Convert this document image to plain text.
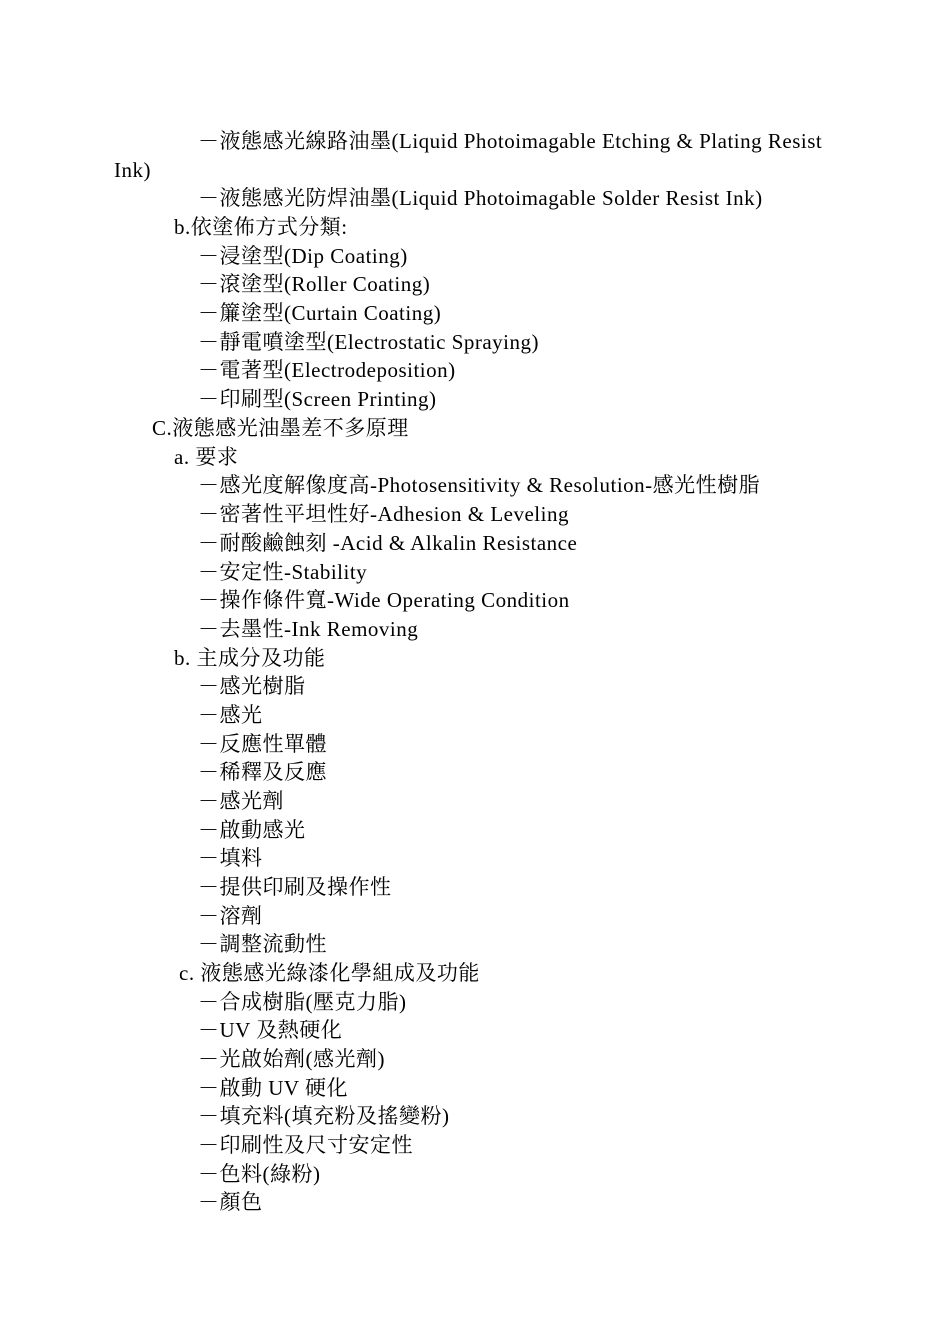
－液態感光線路油墨(Liquid Photoimagable Etching & Plating Resist Ink)
－液態感光防焊油墨(Liquid Photoimagable Solder Resist Ink)
b.依塗佈方式分類:
－浸塗型(Dip Coating)
－滾塗型(Roller Coating)
－簾塗型(Curtain Coating)
－靜電噴塗型(Electrostatic Spraying)
－電著型(Electrodeposition)
－印刷型(Screen Printing)
C.液態感光油墨差不多原理
a. 要求
－感光度解像度高-Photosensitivity & Resolution-感光性樹脂
－密著性平坦性好-Adhesion & Leveling
－耐酸鹼蝕刻 -Acid & Alkalin Resistance
－安定性-Stability
－操作條件寬-Wide Operating Condition
－去墨性-Ink Removing
b. 主成分及功能
－感光樹脂
－感光
－反應性單體
－稀釋及反應
－感光劑
－啟動感光
－填料
－提供印刷及操作性
－溶劑
－調整流動性
c. 液態感光綠漆化學組成及功能
－合成樹脂(壓克力脂)
－UV 及熱硬化
－光啟始劑(感光劑)
－啟動 UV 硬化
－填充料(填充粉及搖變粉)
－印刷性及尺寸安定性
－色料(綠粉)
－顏色
